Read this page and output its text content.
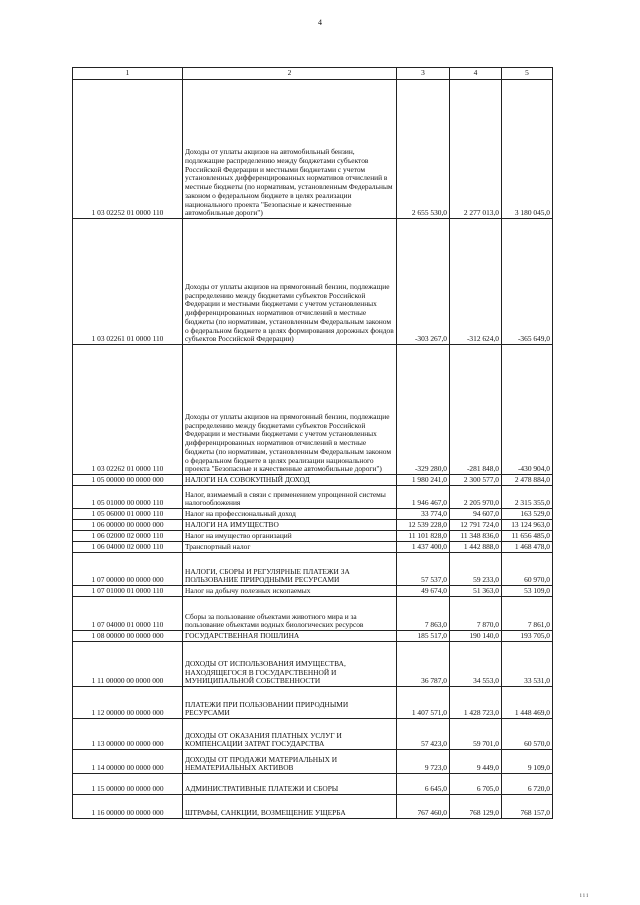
4
1	2	3	4	5
1 03 02252 01 0000 110	Доходы от уплаты акцизов на автомобильный бензин, подлежащие распределению между бюджетами субъектов Российской Федерации и местными бюджетами с учетом установленных дифференцированных нормативов отчислений в местные бюджеты (по нормативам, установленным Федеральным законом о федеральном бюджете в целях реализации национального проекта "Безопасные и качественные автомобильные дороги")	2 655 530,0	2 277 013,0	3 180 045,0
1 03 02261 01 0000 110	Доходы от уплаты акцизов на прямогонный бензин, подлежащие распределению между бюджетами субъектов Российской Федерации и местными бюджетами с учетом установленных дифференцированных нормативов отчислений в местные бюджеты (по нормативам, установленным Федеральным законом о федеральном бюджете в целях формирования дорожных фондов субъектов Российской Федерации)	-303 267,0	-312 624,0	-365 649,0
1 03 02262 01 0000 110	Доходы от уплаты акцизов на прямогонный бензин, подлежащие распределению между бюджетами субъектов Российской Федерации и местными бюджетами с учетом установленных дифференцированных нормативов отчислений в местные бюджеты (по нормативам, установленным Федеральным законом о федеральном бюджете в целях реализации национального проекта "Безопасные и качественные автомобильные дороги")	-329 280,0	-281 848,0	-430 904,0
1 05 00000 00 0000 000	НАЛОГИ НА СОВОКУПНЫЙ ДОХОД	1 980 241,0	2 300 577,0	2 478 884,0
1 05 01000 00 0000 110	Налог, взимаемый в связи с применением упрощенной системы налогообложения	1 946 467,0	2 205 970,0	2 315 355,0
1 05 06000 01 0000 110	Налог на профессиональный доход	33 774,0	94 607,0	163 529,0
1 06 00000 00 0000 000	НАЛОГИ НА ИМУЩЕСТВО	12 539 228,0	12 791 724,0	13 124 963,0
1 06 02000 02 0000 110	Налог на имущество организаций	11 101 828,0	11 348 836,0	11 656 485,0
1 06 04000 02 0000 110	Транспортный налог	1 437 400,0	1 442 888,0	1 468 478,0
1 07 00000 00 0000 000	НАЛОГИ, СБОРЫ И РЕГУЛЯРНЫЕ ПЛАТЕЖИ ЗА ПОЛЬЗОВАНИЕ ПРИРОДНЫМИ РЕСУРСАМИ	57 537,0	59 233,0	60 970,0
1 07 01000 01 0000 110	Налог на добычу полезных ископаемых	49 674,0	51 363,0	53 109,0
1 07 04000 01 0000 110	Сборы за пользование объектами животного мира и за пользование объектами водных биологических ресурсов	7 863,0	7 870,0	7 861,0
1 08 00000 00 0000 000	ГОСУДАРСТВЕННАЯ ПОШЛИНА	185 517,0	190 140,0	193 705,0
1 11 00000 00 0000 000	ДОХОДЫ ОТ ИСПОЛЬЗОВАНИЯ ИМУЩЕСТВА, НАХОДЯЩЕГОСЯ В ГОСУДАРСТВЕННОЙ И МУНИЦИПАЛЬНОЙ СОБСТВЕННОСТИ	36 787,0	34 553,0	33 531,0
1 12 00000 00 0000 000	ПЛАТЕЖИ ПРИ ПОЛЬЗОВАНИИ ПРИРОДНЫМИ РЕСУРСАМИ	1 407 571,0	1 428 723,0	1 448 469,0
1 13 00000 00 0000 000	ДОХОДЫ ОТ ОКАЗАНИЯ ПЛАТНЫХ УСЛУГ И КОМПЕНСАЦИИ ЗАТРАТ ГОСУДАРСТВА	57 423,0	59 701,0	60 570,0
1 14 00000 00 0000 000	ДОХОДЫ ОТ ПРОДАЖИ МАТЕРИАЛЬНЫХ И НЕМАТЕРИАЛЬНЫХ АКТИВОВ	9 723,0	9 449,0	9 109,0
1 15 00000 00 0000 000	АДМИНИСТРАТИВНЫЕ ПЛАТЕЖИ И СБОРЫ	6 645,0	6 705,0	6 720,0
1 16 00000 00 0000 000	ШТРАФЫ, САНКЦИИ, ВОЗМЕЩЕНИЕ УЩЕРБА	767 460,0	768 129,0	768 157,0
і і і
